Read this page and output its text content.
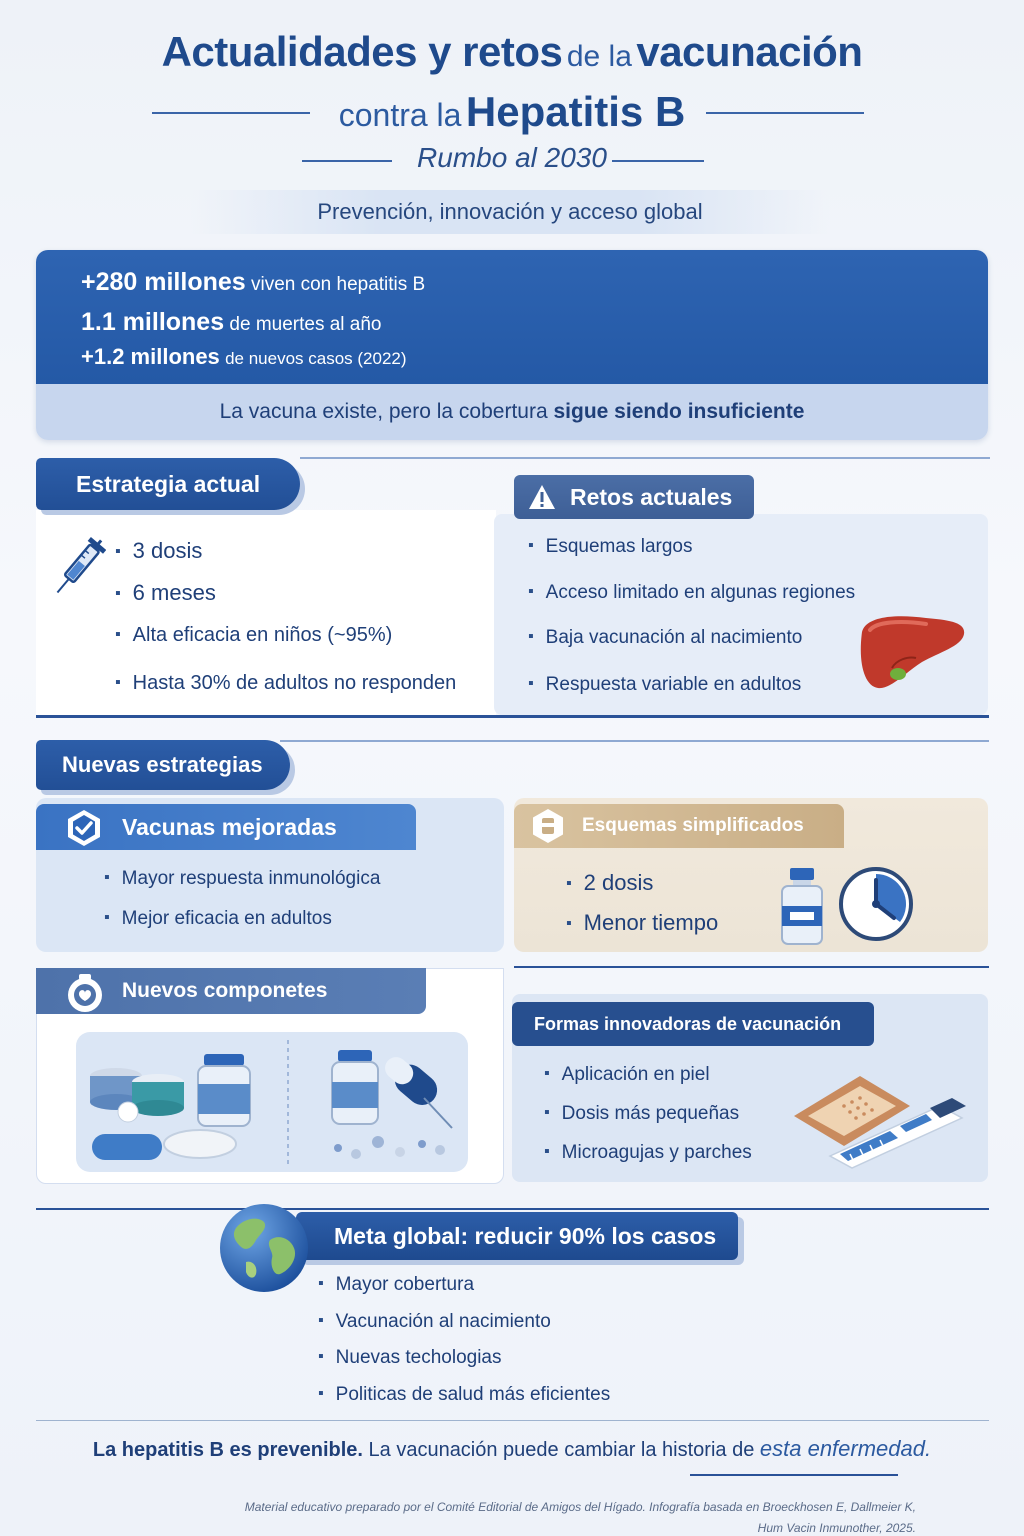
Actualidades y retos de la vacunación
contra la Hepatitis B
Rumbo al 2030
Prevención, innovación y acceso global
+280 millones viven con hepatitis B
1.1 millones de muertes al año
+1.2 millones de nuevos casos (2022)
La vacuna existe, pero la cobertura sigue siendo insuficiente
Estrategia actual
▪ 3 dosis
▪ 6 meses
▪ Alta eficacia en niños (~95%)
▪ Hasta 30% de adultos no responden
Retos actuales
▪ Esquemas largos
▪ Acceso limitado en algunas regiones
▪ Baja vacunación al nacimiento
▪ Respuesta variable en adultos
Nuevas estrategias
Vacunas mejoradas
▪ Mayor respuesta inmunológica
▪ Mejor eficacia en adultos
Esquemas simplificados
▪ 2 dosis
▪ Menor tiempo
Nuevos componetes
Formas innovadoras de vacunación
▪ Aplicación en piel
▪ Dosis más pequeñas
▪ Microagujas y parches
Meta global: reducir 90% los casos
▪ Mayor cobertura
▪ Vacunación al nacimiento
▪ Nuevas techologias
▪ Politicas de salud más eficientes
La hepatitis B es prevenible. La vacunación puede cambiar la historia de esta enfermedad.
Material educativo preparado por el Comité Editorial de Amigos del Hígado. Infografía basada en Broeckhosen E, Dallmeier K,
Hum Vacin Inmunother, 2025.
